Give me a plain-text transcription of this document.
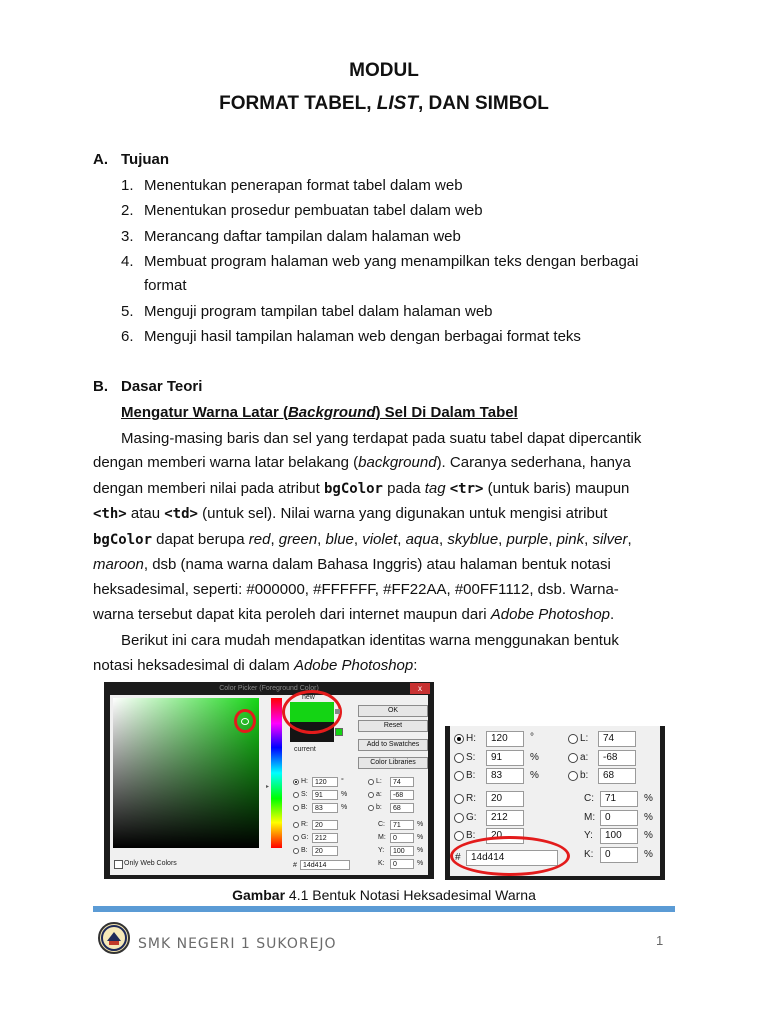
MODUL
FORMAT TABEL, LIST, DAN SIMBOL
A. Tujuan
1. Menentukan penerapan format tabel dalam web
2. Menentukan prosedur pembuatan tabel dalam web
3. Merancang daftar tampilan dalam halaman web
4. Membuat program halaman web yang menampilkan teks dengan berbagai
format
5. Menguji program tampilan tabel dalam halaman web
6. Menguji hasil tampilan halaman web dengan berbagai format teks
B. Dasar Teori
Mengatur Warna Latar (Background) Sel Di Dalam Tabel
Masing-masing baris dan sel yang terdapat pada suatu tabel dapat dipercantik
dengan memberi warna latar belakang (background). Caranya sederhana, hanya
dengan memberi nilai pada atribut bgColor pada tag <tr> (untuk baris) maupun
<th> atau <td> (untuk sel). Nilai warna yang digunakan untuk mengisi atribut
bgColor dapat berupa red, green, blue, violet, aqua, skyblue, purple, pink, silver,
maroon, dsb (nama warna dalam Bahasa Inggris) atau halaman bentuk notasi
heksadesimal, seperti: #000000, #FFFFFF, #FF22AA, #00FF1112, dsb. Warna-
warna tersebut dapat kita peroleh dari internet maupun dari Adobe Photoshop.
Berikut ini cara mudah mendapatkan identitas warna menggunakan bentuk
notasi heksadesimal di dalam Adobe Photoshop:
Color Picker (Foreground Color)	x
▸
new
current
OK
Reset
Add to Swatches
Color Libraries
H:	120	°
S:	91	%
B:	83	%
R:	20
G: 212
B:	20
# 14d414
L:	74
a:	-68
b:	68
C:	71	%
M:	0	%
Y:	100	%
K:	0	%
Only Web Colors
H:	120	°
S:	91	%
B:	83	%
R:	20
G:	212
B:	20
#	14d414
L:	74
a:	-68
b:	68
C:	71	%
M: 0	%
Y:	100	%
K:	0	%
Gambar 4.1 Bentuk Notasi Heksadesimal Warna
SMK NEGERI 1 SUKOREJO	1
